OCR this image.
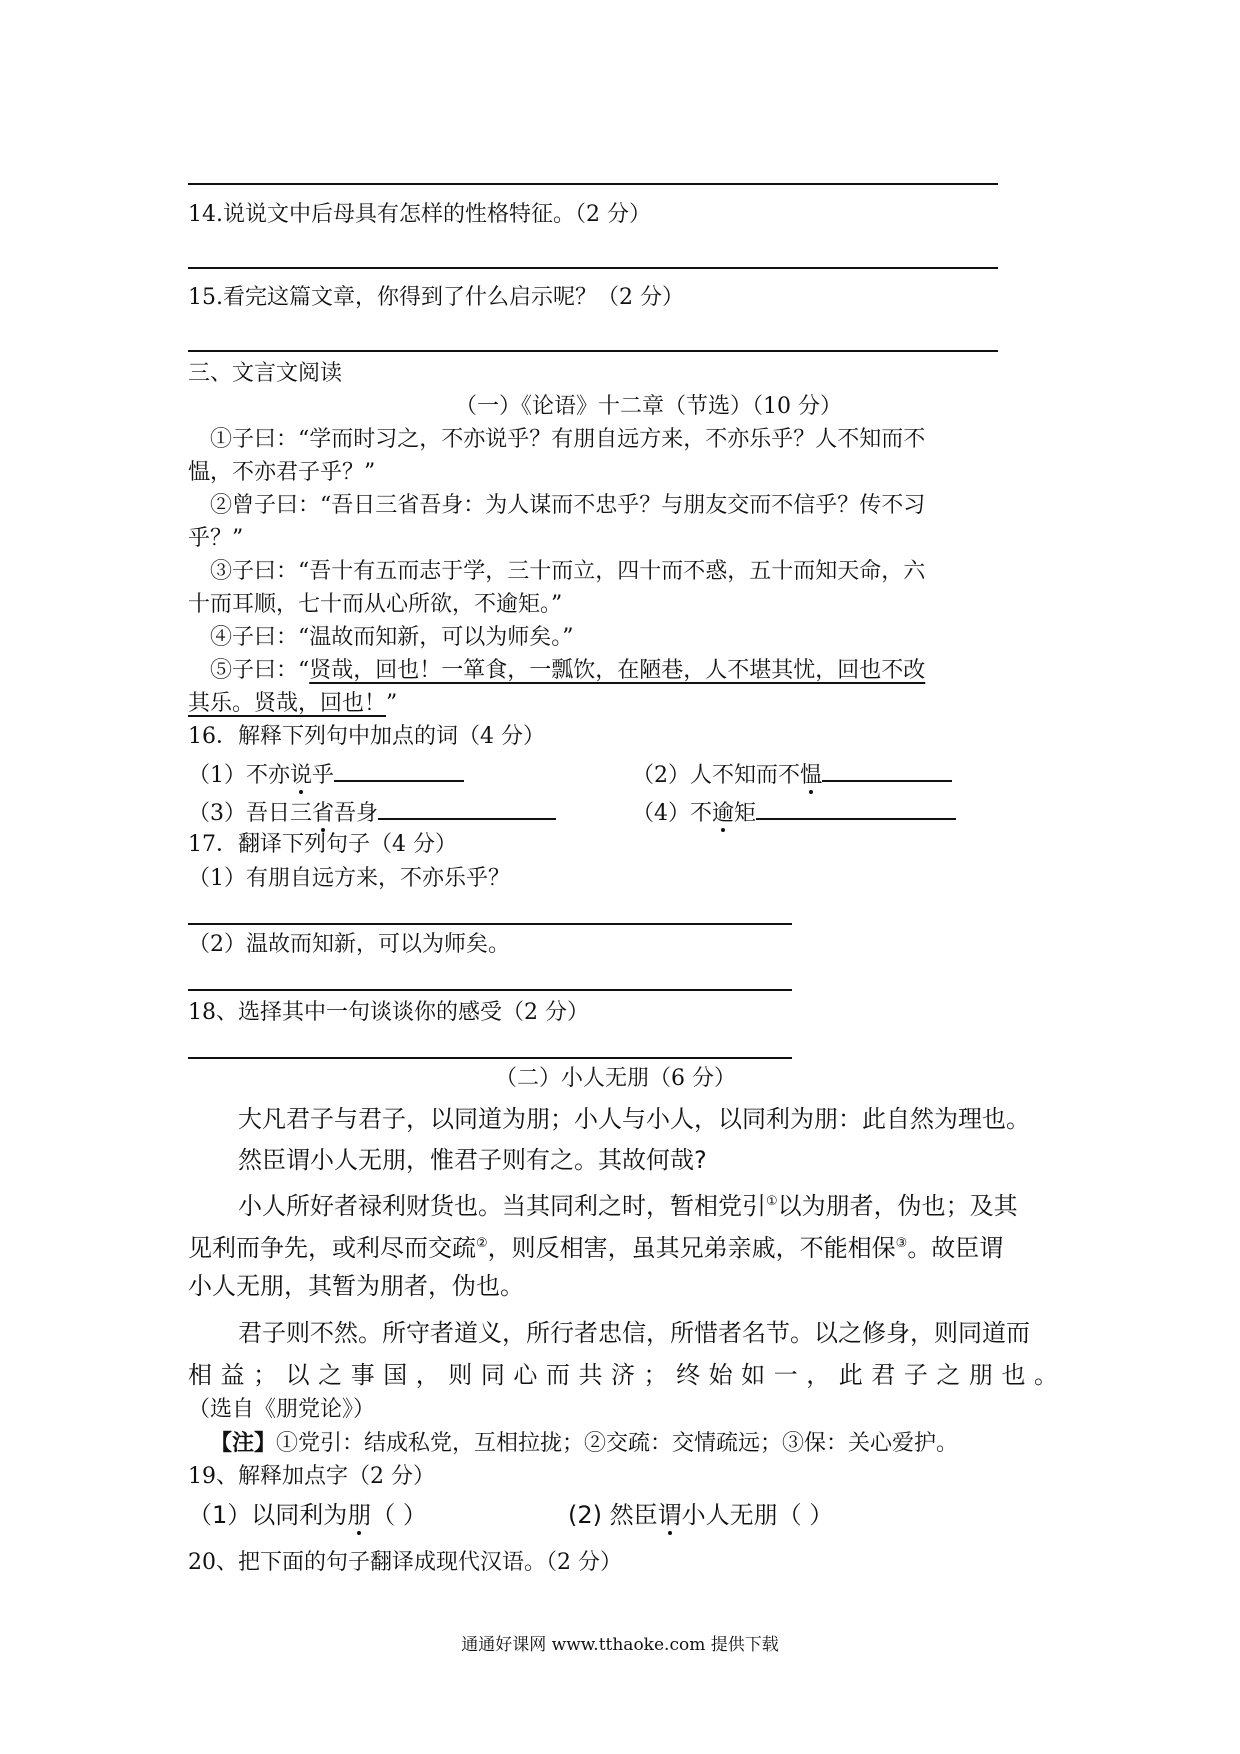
14.说说文中后母具有怎样的性格特征。（2 分）
15.看完这篇文章，你得到了什么启示呢？（2 分）
三、文言文阅读
（一）《论语》十二章（节选）（10 分）
①子曰：“学而时习之，不亦说乎？有朋自远方来，不亦乐乎？人不知而不
愠，不亦君子乎？”
②曾子曰：“吾日三省吾身：为人谋而不忠乎？与朋友交而不信乎？传不习
乎？”
③子曰：“吾十有五而志于学，三十而立，四十而不惑，五十而知天命，六
十而耳顺，七十而从心所欲，不逾矩。”
④子曰：“温故而知新，可以为师矣。”
⑤子曰：“贤哉，回也！一箪食，一瓢饮，在陋巷，人不堪其忧，回也不改
其乐。贤哉，回也！”
16．解释下列句中加点的词（4 分）
（1）不亦说乎	（2）人不知而不愠
（3）吾日三省吾身	（4）不逾矩
17．翻译下列句子（4 分）
（1）有朋自远方来，不亦乐乎？
（2）温故而知新，可以为师矣。
18、选择其中一句谈谈你的感受（2 分）
（二）小人无朋（6 分）
大凡君子与君子，以同道为朋；小人与小人，以同利为朋：此自然为理也。
然臣谓小人无朋，惟君子则有之。其故何哉?
小人所好者禄利财货也。当其同利之时，暂相党引①以为朋者，伪也；及其
见利而争先，或利尽而交疏②，则反相害，虽其兄弟亲戚，不能相保③。故臣谓
小人无朋，其暂为朋者，伪也。
君子则不然。所守者道义，所行者忠信，所惜者名节。以之修身，则同道而
相益；以之事国，则同心而共济；终始如一，此君子之朋也。
（选自《朋党论》）
【注】①党引：结成私党，互相拉拢；②交疏：交情疏远；③保：关心爱护。
19、解释加点字（2 分）
（1）以同利为朋（ ）	(2) 然臣谓小人无朋（ ）
20、把下面的句子翻译成现代汉语。（2 分）
通通好课网 www.tthaoke.com 提供下载
